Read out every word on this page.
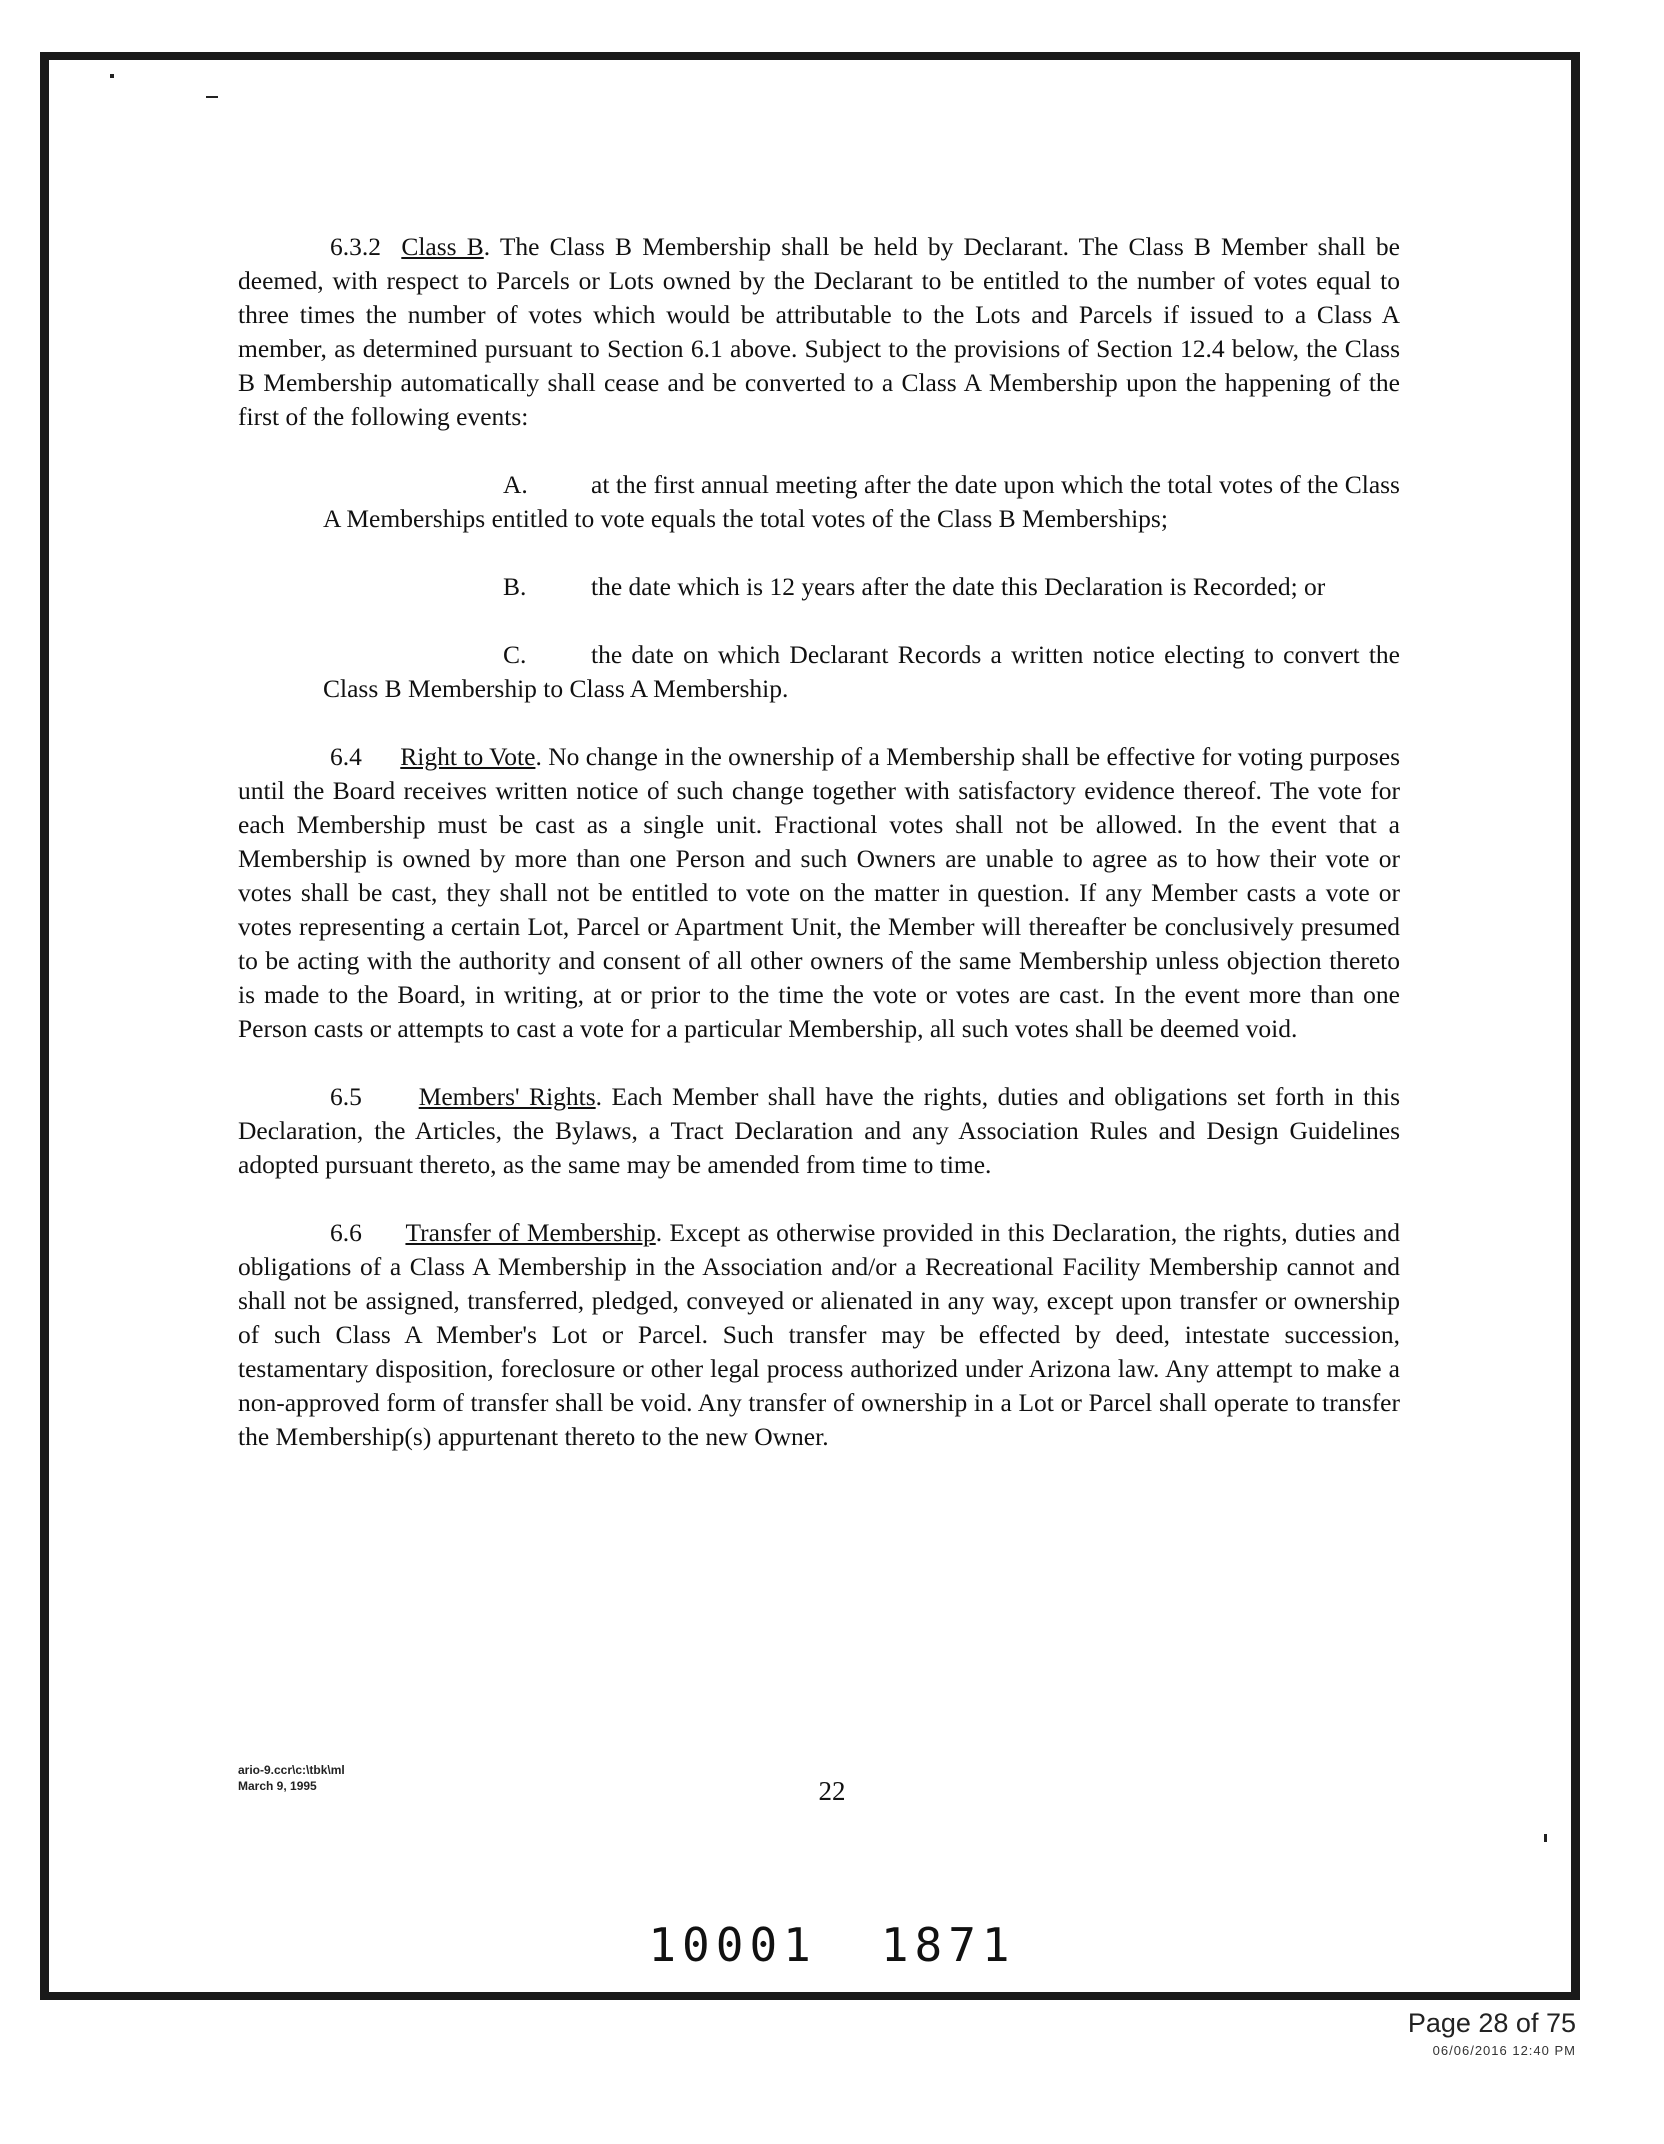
6.3.2 Class B. The Class B Membership shall be held by Declarant. The Class B Member shall be deemed, with respect to Parcels or Lots owned by the Declarant to be entitled to the number of votes equal to three times the number of votes which would be attributable to the Lots and Parcels if issued to a Class A member, as determined pursuant to Section 6.1 above. Subject to the provisions of Section 12.4 below, the Class B Membership automatically shall cease and be converted to a Class A Membership upon the happening of the first of the following events:

A. at the first annual meeting after the date upon which the total votes of the Class A Memberships entitled to vote equals the total votes of the Class B Memberships;

B.	the date which is 12 years after the date this Declaration is Recorded; or

C.	the date on which Declarant Records a written notice electing to convert the Class B Membership to Class A Membership.

6.4 Right to Vote. No change in the ownership of a Membership shall be effective for voting purposes until the Board receives written notice of such change together with satisfactory evidence thereof. The vote for each Membership must be cast as a single unit. Fractional votes shall not be allowed. In the event that a Membership is owned by more than one Person and such Owners are unable to agree as to how their vote or votes shall be cast, they shall not be entitled to vote on the matter in question. If any Member casts a vote or votes representing a certain Lot, Parcel or Apartment Unit, the Member will thereafter be conclusively presumed to be acting with the authority and consent of all other owners of the same Membership unless objection thereto is made to the Board, in writing, at or prior to the time the vote or votes are cast. In the event more than one Person casts or attempts to cast a vote for a particular Membership, all such votes shall be deemed void.

6.5 Members' Rights. Each Member shall have the rights, duties and obligations set forth in this Declaration, the Articles, the Bylaws, a Tract Declaration and any Association Rules and Design Guidelines adopted pursuant thereto, as the same may be amended from time to time.

6.6 Transfer of Membership. Except as otherwise provided in this Declaration, the rights, duties and obligations of a Class A Membership in the Association and/or a Recreational Facility Membership cannot and shall not be assigned, transferred, pledged, conveyed or alienated in any way, except upon transfer or ownership of such Class A Member's Lot or Parcel. Such transfer may be effected by deed, intestate succession, testamentary disposition, foreclosure or other legal process authorized under Arizona law. Any attempt to make a non-approved form of transfer shall be void. Any transfer of ownership in a Lot or Parcel shall operate to transfer the Membership(s) appurtenant thereto to the new Owner.

ario-9.ccr\c:\tbk\ml
March 9, 1995	22
10001 1871
Page 28 of 75
06/06/2016 12:40 PM
